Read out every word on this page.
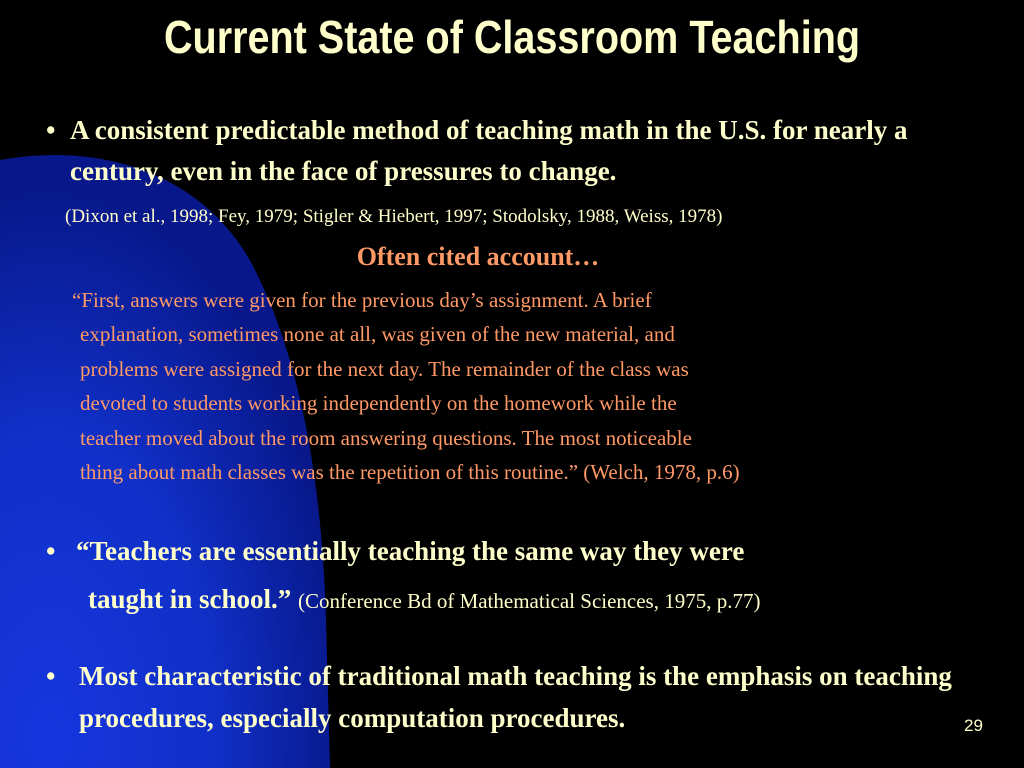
Current State of Classroom Teaching
• A consistent predictable method of teaching math in the U.S. for nearly a century, even in the face of pressures to change.
(Dixon et al., 1998; Fey, 1979; Stigler & Hiebert, 1997; Stodolsky, 1988, Weiss, 1978)
Often cited account…
“First, answers were given for the previous day’s assignment. A brief
explanation, sometimes none at all, was given of the new material, and
problems were assigned for the next day. The remainder of the class was
devoted to students working independently on the homework while the
teacher moved about the room answering questions. The most noticeable
thing about math classes was the repetition of this routine.” (Welch, 1978, p.6)
• “Teachers are essentially teaching the same way they were
taught in school.” (Conference Bd of Mathematical Sciences, 1975, p.77)
• Most characteristic of traditional math teaching is the emphasis on teaching procedures, especially computation procedures.	29
